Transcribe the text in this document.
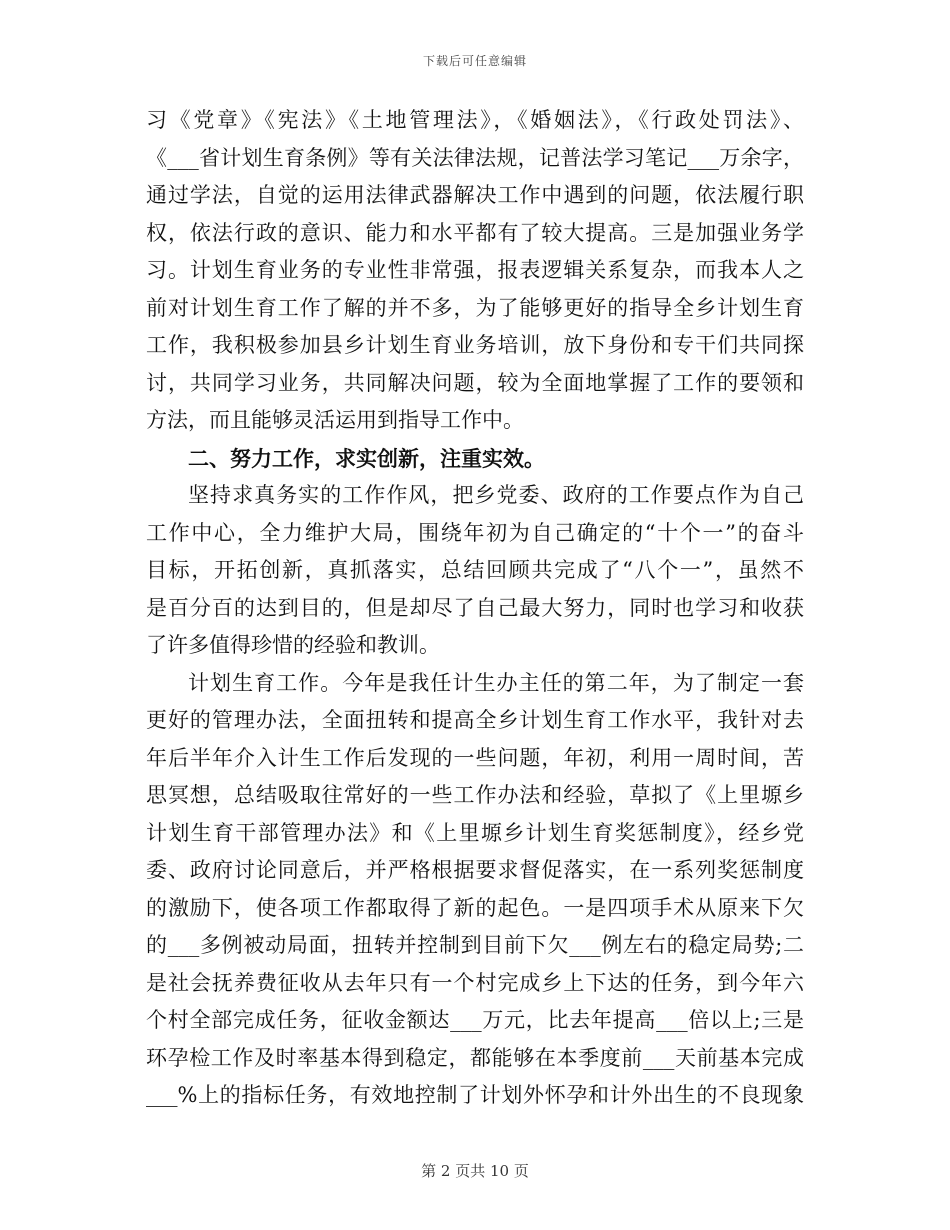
下载后可任意编辑
习《党章》《宪法》《土地管理法》，《婚姻法》，《行政处罚法》、
《___省计划生育条例》等有关法律法规，记普法学习笔记___万余字，
通过学法，自觉的运用法律武器解决工作中遇到的问题，依法履行职
权，依法行政的意识、能力和水平都有了较大提高。三是加强业务学
习。计划生育业务的专业性非常强，报表逻辑关系复杂，而我本人之
前对计划生育工作了解的并不多，为了能够更好的指导全乡计划生育
工作，我积极参加县乡计划生育业务培训，放下身份和专干们共同探
讨，共同学习业务，共同解决问题，较为全面地掌握了工作的要领和
方法，而且能够灵活运用到指导工作中。
二、努力工作，求实创新，注重实效。
坚持求真务实的工作作风，把乡党委、政府的工作要点作为自己
工作中心，全力维护大局，围绕年初为自己确定的“十个一”的奋斗
目标，开拓创新，真抓落实，总结回顾共完成了“八个一”，虽然不
是百分百的达到目的，但是却尽了自己最大努力，同时也学习和收获
了许多值得珍惜的经验和教训。
计划生育工作。今年是我任计生办主任的第二年，为了制定一套
更好的管理办法，全面扭转和提高全乡计划生育工作水平，我针对去
年后半年介入计生工作后发现的一些问题，年初，利用一周时间，苦
思冥想，总结吸取往常好的一些工作办法和经验，草拟了《上里塬乡
计划生育干部管理办法》和《上里塬乡计划生育奖惩制度》，经乡党
委、政府讨论同意后，并严格根据要求督促落实，在一系列奖惩制度
的激励下，使各项工作都取得了新的起色。一是四项手术从原来下欠
的___多例被动局面，扭转并控制到目前下欠___例左右的稳定局势;二
是社会抚养费征收从去年只有一个村完成乡上下达的任务，到今年六
个村全部完成任务，征收金额达___万元，比去年提高___倍以上;三是
环孕检工作及时率基本得到稳定，都能够在本季度前___天前基本完成
___%上的指标任务，有效地控制了计划外怀孕和计外出生的不良现象
第 2 页共 10 页
